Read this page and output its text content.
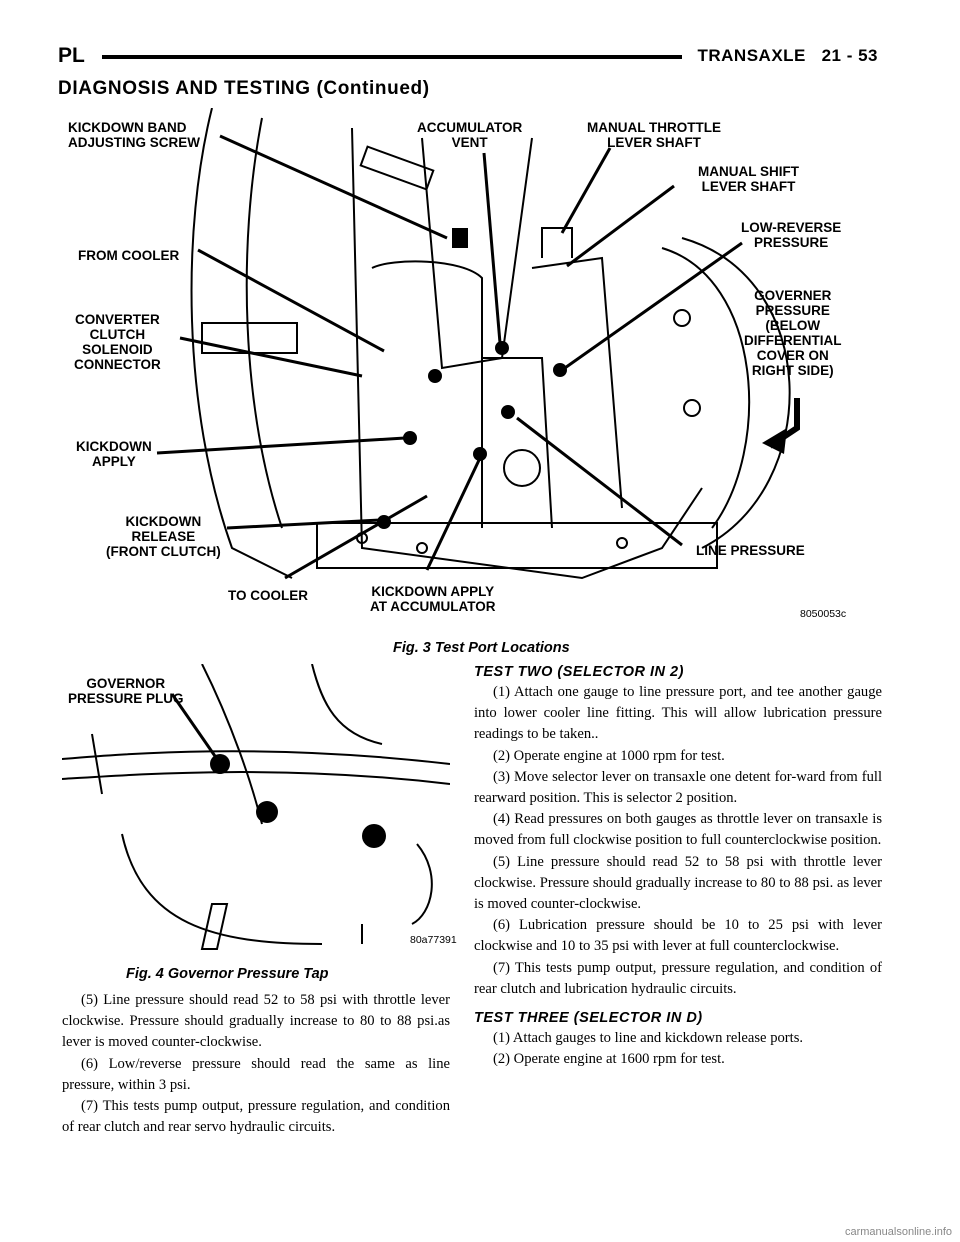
PL	TRANSAXLE 21 - 53
DIAGNOSIS AND TESTING (Continued)
KICKDOWN BAND
ADJUSTING SCREW
ACCUMULATOR
VENT
MANUAL THROTTLE
LEVER SHAFT
MANUAL SHIFT
LEVER SHAFT
LOW-REVERSE
PRESSURE
FROM COOLER
GOVERNER
PRESSURE
(BELOW
DIFFERENTIAL
COVER ON
RIGHT SIDE)
CONVERTER
CLUTCH
SOLENOID
CONNECTOR
KICKDOWN
APPLY
KICKDOWN
RELEASE
(FRONT CLUTCH)	LINE PRESSURE
TO COOLER	KICKDOWN APPLY
AT ACCUMULATOR	8050053c
Fig. 3 Test Port Locations
GOVERNOR
PRESSURE PLUG
80a77391
Fig. 4 Governor Pressure Tap

(5) Line pressure should read 52 to 58 psi with throttle lever clockwise. Pressure should gradually increase to 80 to 88 psi.as lever is moved counter-clockwise.

(6) Low/reverse pressure should read the same as line pressure, within 3 psi.

(7) This tests pump output, pressure regulation, and condition of rear clutch and rear servo hydraulic circuits.

TEST TWO (SELECTOR IN 2)

(1) Attach one gauge to line pressure port, and tee another gauge into lower cooler line fitting. This will allow lubrication pressure readings to be taken..

(2) Operate engine at 1000 rpm for test.

(3) Move selector lever on transaxle one detent for-ward from full rearward position. This is selector 2 position.

(4) Read pressures on both gauges as throttle lever on transaxle is moved from full clockwise position to full counterclockwise position.

(5) Line pressure should read 52 to 58 psi with throttle lever clockwise. Pressure should gradually increase to 80 to 88 psi. as lever is moved counter-clockwise.

(6) Lubrication pressure should be 10 to 25 psi with lever clockwise and 10 to 35 psi with lever at full counterclockwise.

(7) This tests pump output, pressure regulation, and condition of rear clutch and lubrication hydraulic circuits.

TEST THREE (SELECTOR IN D)

(1) Attach gauges to line and kickdown release ports.

(2) Operate engine at 1600 rpm for test.

carmanualsonline.info
